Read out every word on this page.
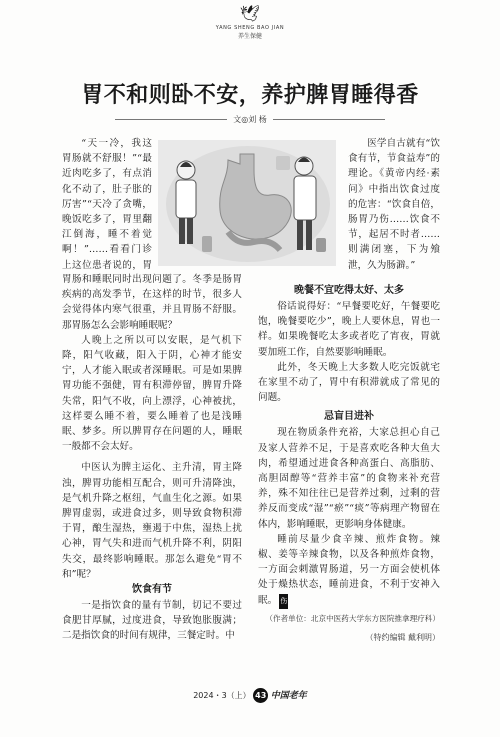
🕊
YANG SHENG BAO JIAN
养生保健
胃不和则卧不安，养护脾胃睡得香
文◎刘 杨

“天一冷，我这胃肠就不舒服！”“最近肉吃多了，有点消化不动了，肚子胀的厉害”“天冷了贪嘴，晚饭吃多了，胃里翻江倒海，睡不着觉啊！”……看看门诊上这位患者说的，胃

胃肠和睡眠同时出现问题了。冬季是肠胃疾病的高发季节，在这样的时节，很多人会觉得体内寒气很重，并且胃肠不舒服。那胃肠怎么会影响睡眠呢？

人晚上之所以可以安眠，是气机下降，阳气收藏，阳入于阴，心神才能安宁，人才能入眠或者深睡眠。可是如果脾胃功能不强健，胃有积滞停留，脾胃升降失常，阳气不收，向上漂浮，心神被扰，这样要么睡不着，要么睡着了也是浅睡眠、梦多。所以脾胃存在问题的人，睡眠一般都不会太好。

中医认为脾主运化、主升清，胃主降浊，脾胃功能相互配合，则可升清降浊，是气机升降之枢纽，气血生化之源。如果脾胃虚弱，或进食过多，则导致食物积滞于胃，酿生湿热，壅遏于中焦，湿热上扰心神，胃气失和进而气机升降不利，阴阳失交，最终影响睡眠。那怎么避免“胃不和”呢？

饮食有节

一是指饮食的量有节制，切记不要过食肥甘厚腻，过度进食，导致饱胀腹满；二是指饮食的时间有规律，三餐定时。中

医学自古就有“饮食有节，节食益寿”的理论。《黄帝内经·素问》中指出饮食过度的危害：“饮食自倍，肠胃乃伤……饮食不节，起居不时者……则满闭塞，下为飧泄，久为肠澼。”

晚餐不宜吃得太好、太多

俗话说得好：“早餐要吃好，午餐要吃饱，晚餐要吃少”，晚上人要休息，胃也一样。如果晚餐吃太多或者吃了宵夜，胃就要加班工作，自然要影响睡眠。

此外，冬天晚上大多数人吃完饭就宅在家里不动了，胃中有积滞就成了常见的问题。

忌盲目进补

现在物质条件充裕，大家总担心自己及家人营养不足，于是喜欢吃各种大鱼大肉，希望通过进食各种高蛋白、高脂肪、高胆固醇等“营养丰富”的食物来补充营养，殊不知往往已是营养过剩，过剩的营养反而变成“湿”“瘀”“痰”等病理产物留在体内，影响睡眠，更影响身体健康。

睡前尽量少食辛辣、煎炸食物。辣椒、姜等辛辣食物，以及各种煎炸食物，一方面会刺激胃肠道，另一方面会使机体处于燥热状态，睡前进食，不利于安神入眠。 伤

（作者单位：北京中医药大学东方医院推拿理疗科）
（特约编辑 戴利明）
2024・3（上） 43 中国老年
